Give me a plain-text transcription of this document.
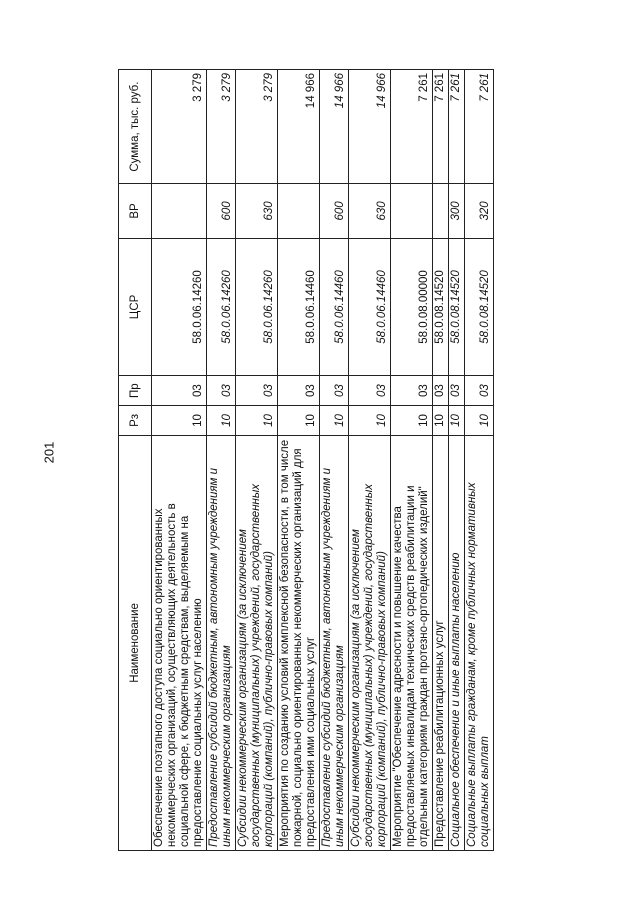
201
Наименование	Рз	Пр	ЦСР	ВР	Сумма, тыс. руб.
Обеспечение поэтапного доступа социально ориентированных некоммерческих организаций, осуществляющих деятельность в социальной сфере, к бюджетным средствам, выделяемым на предоставление социальных услуг населению	10	03	58.0.06.14260		3 279
Предоставление субсидий бюджетным, автономным учреждениям и иным некоммерческим организациям	10	03	58.0.06.14260	600	3 279
Субсидии некоммерческим организациям (за исключением государственных (муниципальных) учреждений, государственных корпораций (компаний), публично-правовых компаний)	10	03	58.0.06.14260	630	3 279
Мероприятия по созданию условий комплексной безопасности, в том числе пожарной, социально ориентированных некоммерческих организаций для предоставления ими социальных услуг	10	03	58.0.06.14460		14 966
Предоставление субсидий бюджетным, автономным учреждениям и иным некоммерческим организациям	10	03	58.0.06.14460	600	14 966
Субсидии некоммерческим организациям (за исключением государственных (муниципальных) учреждений, государственных корпораций (компаний), публично-правовых компаний)	10	03	58.0.06.14460	630	14 966
Мероприятие "Обеспечение адресности и повышение качества предоставляемых инвалидам технических средств реабилитации и отдельным категориям граждан протезно-ортопедических изделий"	10	03	58.0.08.00000		7 261
Предоставление реабилитационных услуг	10	03	58.0.08.14520		7 261
Социальное обеспечение и иные выплаты населению	10	03	58.0.08.14520	300	7 261
Социальные выплаты гражданам, кроме публичных нормативных социальных выплат	10	03	58.0.08.14520	320	7 261
